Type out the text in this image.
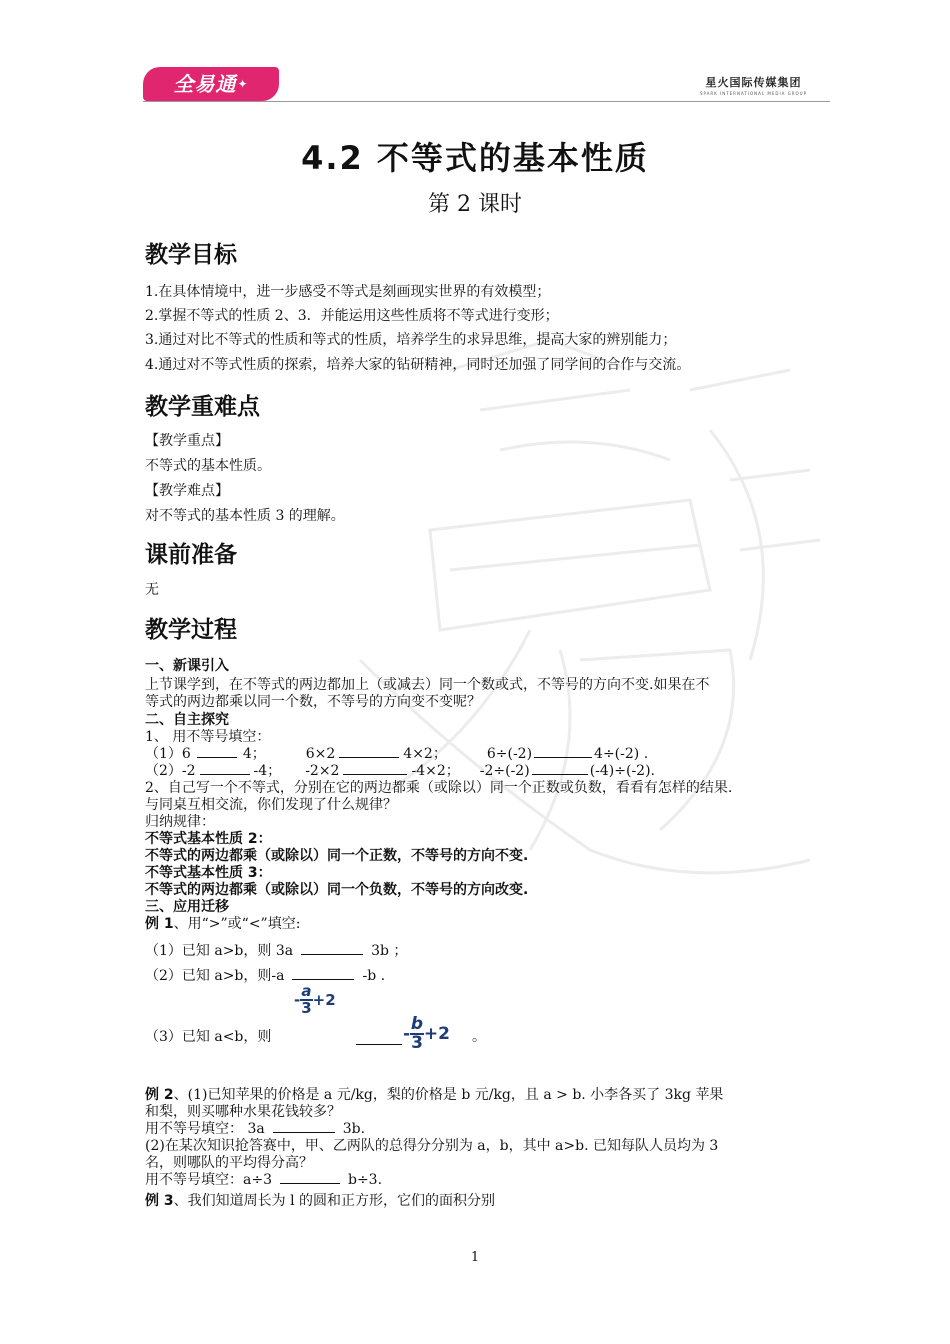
全易通✦	星火国际传媒集团
SPARK INTERNATIONAL MEDIA GROUP
4.2 不等式的基本性质
第 2 课时
教学目标
1.在具体情境中，进一步感受不等式是刻画现实世界的有效模型；
2.掌握不等式的性质 2、3．并能运用这些性质将不等式进行变形；
3.通过对比不等式的性质和等式的性质，培养学生的求异思维，提高大家的辨别能力；
4.通过对不等式性质的探索，培养大家的钻研精神，同时还加强了同学间的合作与交流。
教学重难点
【教学重点】
不等式的基本性质。
【教学难点】
对不等式的基本性质 3 的理解。
课前准备
无
教学过程
一、新课引入
上节课学到，在不等式的两边都加上（或减去）同一个数或式，不等号的方向不变.如果在不
等式的两边都乘以同一个数，不等号的方向变不变呢？
二、自主探究
1、 用不等号填空：
（1）6	4；	6×2	4×2；	6÷(-2)	4÷(-2) .
（2）-2	-4； -2×2	-4×2； -2÷(-2)	(-4)÷(-2).
2、自己写一个不等式，分别在它的两边都乘（或除以）同一个正数或负数，看看有怎样的结果.
与同桌互相交流，你们发现了什么规律？
归纳规律：
不等式基本性质 2：
不等式的两边都乘（或除以）同一个正数，不等号的方向不变.
不等式基本性质 3：
不等式的两边都乘（或除以）同一个负数，不等号的方向改变.
三、应用迁移
例 1、用“>”或“<”填空:
（1）已知 a>b，则 3a	3b ；
（2）已知 a>b，则-a	-b .
- $\frac{a}{3} +2$
（3）已知 a<b，则	- $\frac{b}{3} +2$ 。
例 2、(1)已知苹果的价格是 a 元/kg，梨的价格是 b 元/kg，且 a > b. 小李各买了 3kg 苹果
和梨，则买哪种水果花钱较多？
用不等号填空： 3a	3b.
(2)在某次知识抢答赛中，甲、乙两队的总得分分别为 a，b，其中 a>b. 已知每队人员均为 3
名，则哪队的平均得分高？
用不等号填空：a÷3	b÷3.
例 3、我们知道周长为 l 的圆和正方形，它们的面积分别
1
